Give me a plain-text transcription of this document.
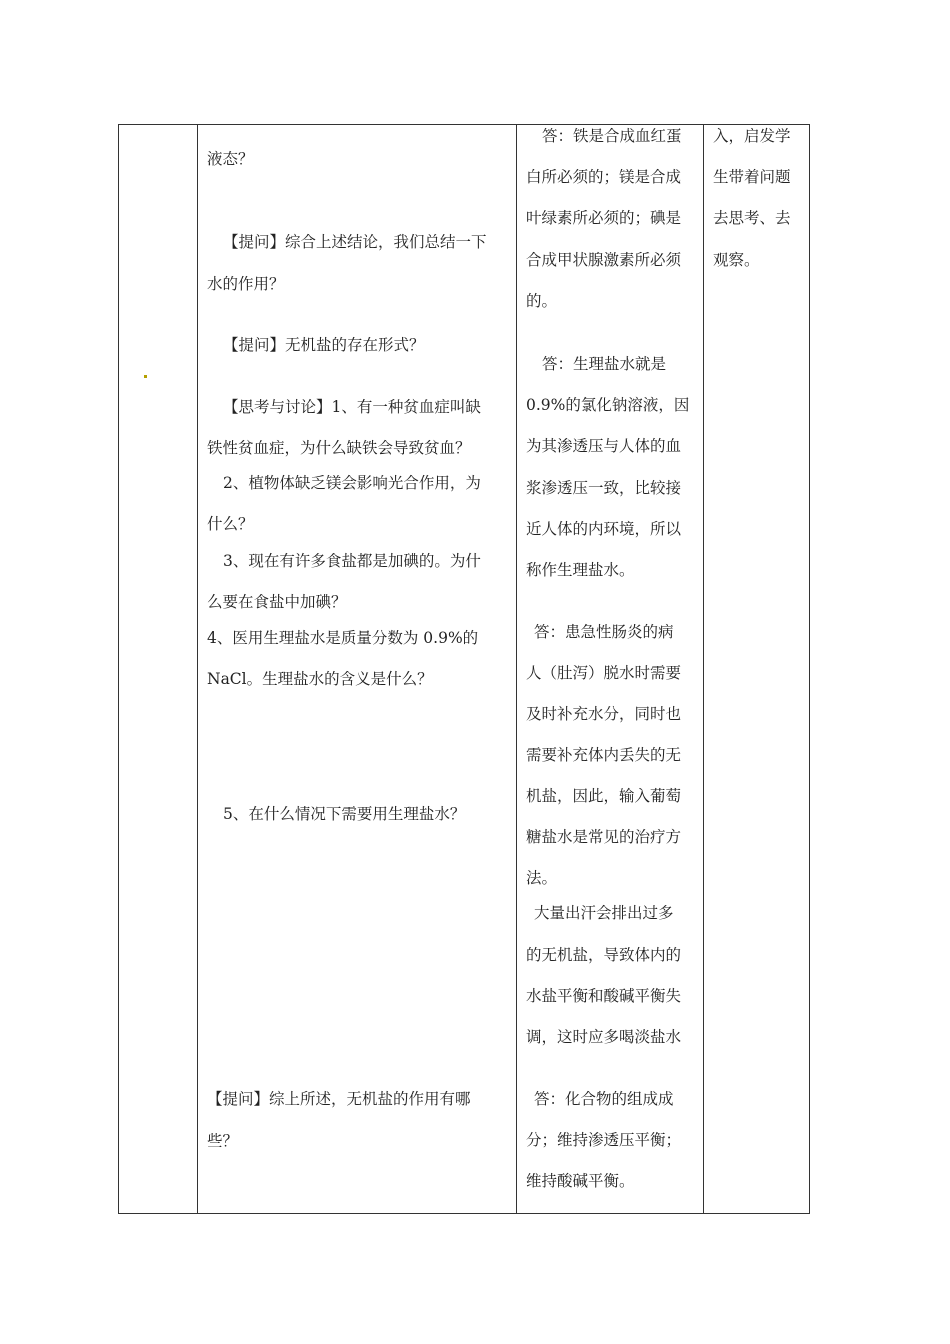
液态？
【提问】综合上述结论，我们总结一下
水的作用？
【提问】无机盐的存在形式？
【思考与讨论】1、有一种贫血症叫缺
铁性贫血症，为什么缺铁会导致贫血？
2、植物体缺乏镁会影响光合作用，为
什么？
3、现在有许多食盐都是加碘的。为什
么要在食盐中加碘？
4、医用生理盐水是质量分数为 0.9%的
NaCl。生理盐水的含义是什么？
5、在什么情况下需要用生理盐水？
【提问】综上所述，无机盐的作用有哪
些？
答：铁是合成血红蛋
白所必须的；镁是合成
叶绿素所必须的；碘是
合成甲状腺激素所必须
的。
答：生理盐水就是
0.9%的氯化钠溶液，因
为其渗透压与人体的血
浆渗透压一致，比较接
近人体的内环境，所以
称作生理盐水。
答：患急性肠炎的病
人（肚泻）脱水时需要
及时补充水分，同时也
需要补充体内丢失的无
机盐，因此，输入葡萄
糖盐水是常见的治疗方
法。
大量出汗会排出过多
的无机盐，导致体内的
水盐平衡和酸碱平衡失
调，这时应多喝淡盐水
答：化合物的组成成
分；维持渗透压平衡；
维持酸碱平衡。
入，启发学
生带着问题
去思考、去
观察。
